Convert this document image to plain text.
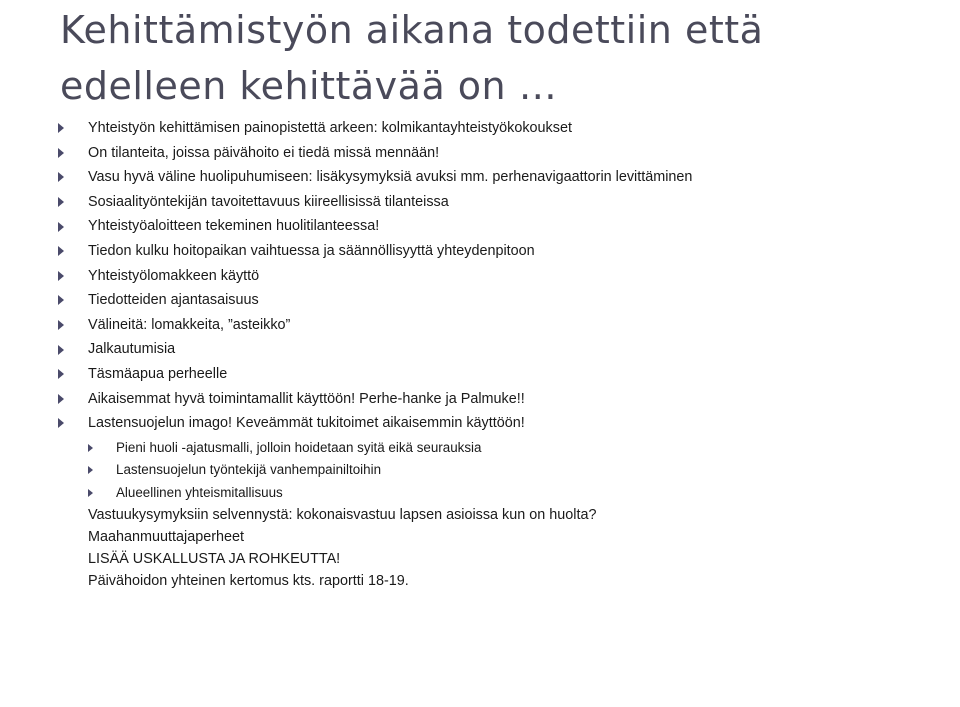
Kehittämistyön aikana todettiin että edelleen kehittävää on …
Yhteistyön kehittämisen painopistettä arkeen: kolmikantayhteistyökokoukset
On tilanteita, joissa päivähoito ei tiedä missä mennään!
Vasu hyvä väline huolipuhumiseen: lisäkysymyksiä avuksi mm. perhenavigaattorin levittäminen
Sosiaalityöntekijän tavoitettavuus kiireellisissä tilanteissa
Yhteistyöaloitteen tekeminen huolitilanteessa!
Tiedon kulku hoitopaikan vaihtuessa ja säännöllisyyttä yhteydenpitoon
Yhteistyölomakkeen käyttö
Tiedotteiden ajantasaisuus
Välineitä: lomakkeita, ”asteikko”
Jalkautumisia
Täsmäapua perheelle
Aikaisemmat hyvä toimintamallit käyttöön! Perhe-hanke ja Palmuke!!
Lastensuojelun imago! Keveämmät tukitoimet aikaisemmin käyttöön!
Pieni huoli -ajatusmalli, jolloin hoidetaan syitä eikä seurauksia
Lastensuojelun työntekijä vanhempainiltoihin
Alueellinen yhteismitallisuus
Vastuukysymyksiin selvennystä: kokonaisvastuu lapsen asioissa kun on huolta?
Maahanmuuttajaperheet
LISÄÄ USKALLUSTA JA ROHKEUTTA!
Päivähoidon yhteinen kertomus kts. raportti 18-19.
